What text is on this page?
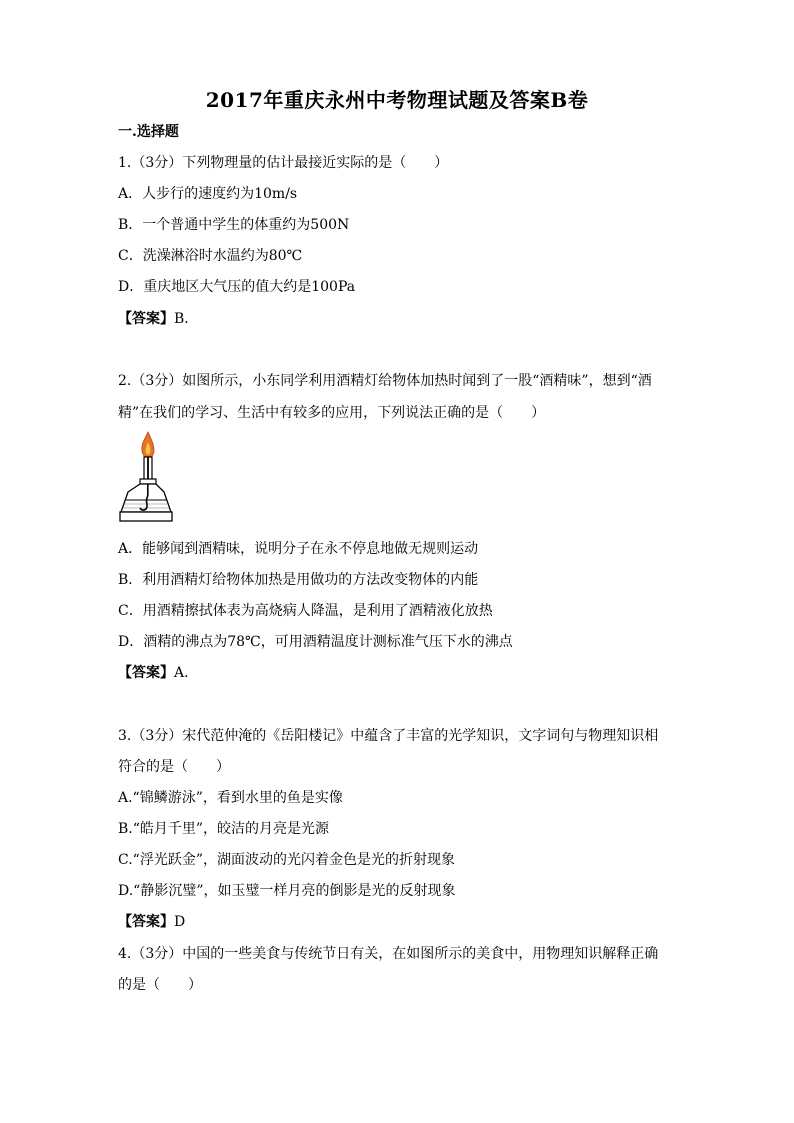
2017年重庆永州中考物理试题及答案B卷
一.选择题
1.（3分）下列物理量的估计最接近实际的是（　　）
A．人步行的速度约为10m/s
B．一个普通中学生的体重约为500N
C．洗澡淋浴时水温约为80℃
D．重庆地区大气压的值大约是100Pa
【答案】B．
2.（3分）如图所示，小东同学利用酒精灯给物体加热时闻到了一股“酒精味”，想到“酒
精”在我们的学习、生活中有较多的应用，下列说法正确的是（　　）
A．能够闻到酒精味，说明分子在永不停息地做无规则运动
B．利用酒精灯给物体加热是用做功的方法改变物体的内能
C．用酒精擦拭体表为高烧病人降温，是利用了酒精液化放热
D．酒精的沸点为78℃，可用酒精温度计测标准气压下水的沸点
【答案】A．
3.（3分）宋代范仲淹的《岳阳楼记》中蕴含了丰富的光学知识，文字词句与物理知识相
符合的是（　　）
A.“锦鳞游泳”，看到水里的鱼是实像
B.“皓月千里”，皎洁的月亮是光源
C.“浮光跃金”，湖面波动的光闪着金色是光的折射现象
D.“静影沉璧”，如玉璧一样月亮的倒影是光的反射现象
【答案】D
4.（3分）中国的一些美食与传统节日有关，在如图所示的美食中，用物理知识解释正确
的是（　　）
